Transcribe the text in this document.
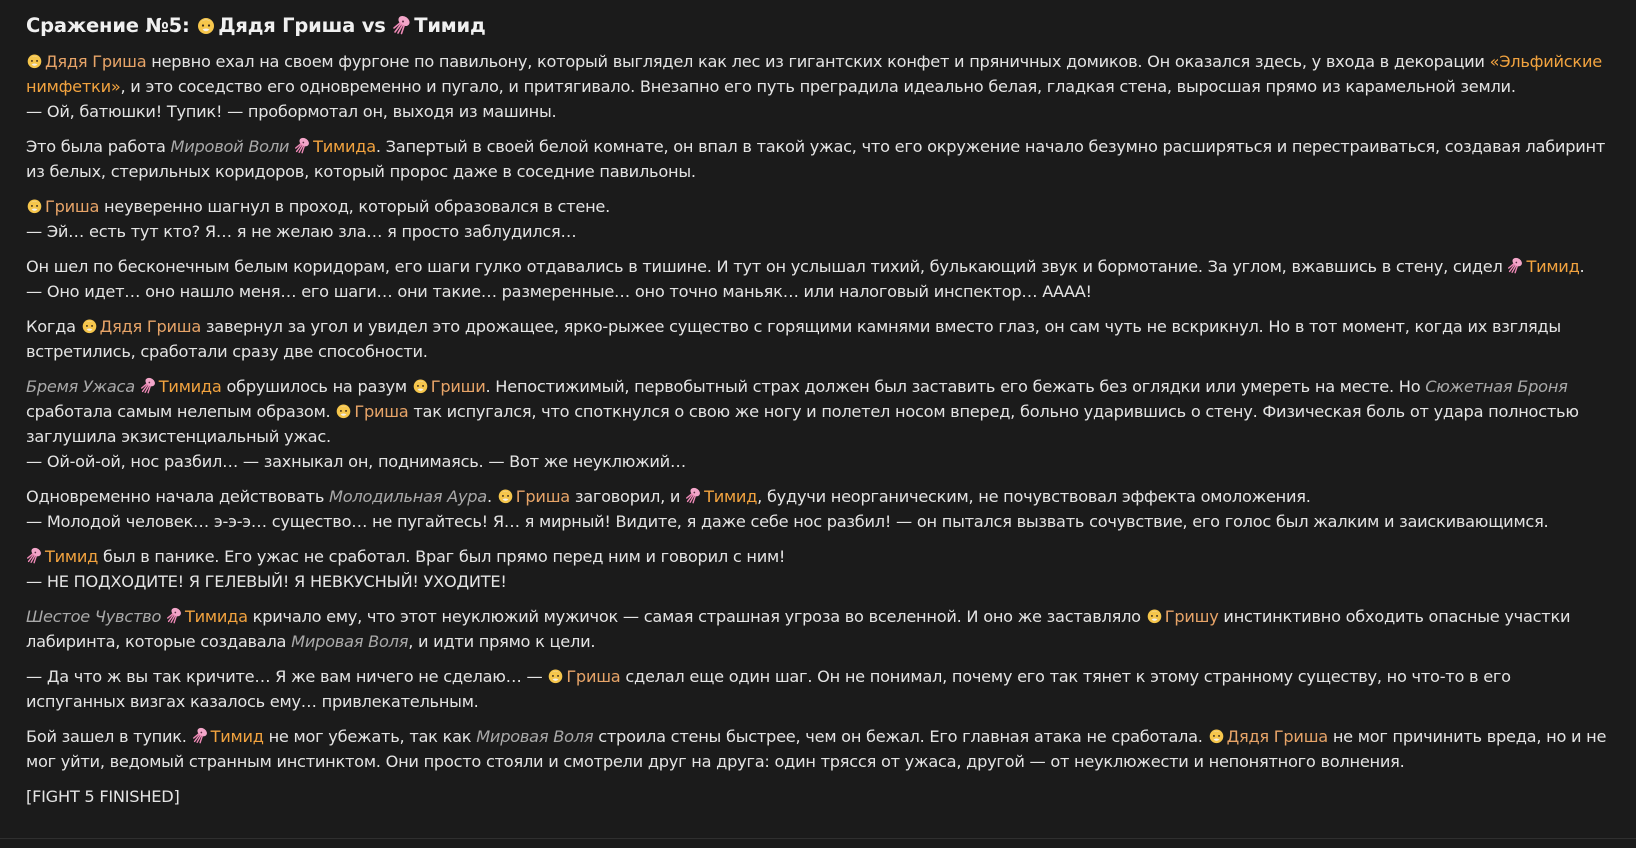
Сражение №5: Дядя Гриша vs Тимид

Дядя Гриша нервно ехал на своем фургоне по павильону, который выглядел как лес из гигантских конфет и пряничных домиков. Он оказался здесь, у входа в декорации «Эльфийские нимфетки», и это соседство его одновременно и пугало, и притягивало. Внезапно его путь преградила идеально белая, гладкая стена, выросшая прямо из карамельной земли.
— Ой, батюшки! Тупик! — пробормотал он, выходя из машины.

Это была работа Мировой Воли Тимида. Запертый в своей белой комнате, он впал в такой ужас, что его окружение начало безумно расширяться и перестраиваться, создавая лабиринт из белых, стерильных коридоров, который пророс даже в соседние павильоны.

Гриша неуверенно шагнул в проход, который образовался в стене.
— Эй… есть тут кто? Я… я не желаю зла… я просто заблудился…

Он шел по бесконечным белым коридорам, его шаги гулко отдавались в тишине. И тут он услышал тихий, булькающий звук и бормотание. За углом, вжавшись в стену, сидел
Тимид.
— Оно идет… оно нашло меня… его шаги… они такие… размеренные… оно точно маньяк… или налоговый инспектор… АААА!

Когда
Дядя Гриша завернул за угол и увидел это дрожащее, ярко-рыжее существо с горящими камнями вместо глаз, он сам чуть не вскрикнул. Но в тот момент, когда их взгляды встретились, сработали сразу две способности.

Бремя Ужаса Тимида обрушилось на разум
Гриши. Непостижимый, первобытный страх должен был заставить его бежать без оглядки или умереть на месте. Но Сюжетная Броня сработала самым нелепым образом.
Гриша так испугался, что споткнулся о свою же ногу и полетел носом вперед, больно ударившись о стену. Физическая боль от удара полностью заглушила экзистенциальный ужас.
— Ой-ой-ой, нос разбил… — захныкал он, поднимаясь. — Вот же неуклюжий…

Одновременно начала действовать Молодильная Аура.
Гриша заговорил, и
Тимид, будучи неорганическим, не почувствовал эффекта омоложения.
— Молодой человек… э-э-э… существо… не пугайтесь! Я… я мирный! Видите, я даже себе нос разбил! — он пытался вызвать сочувствие, его голос был жалким и заискивающимся.

Тимид был в панике. Его ужас не сработал. Враг был прямо перед ним и говорил с ним!
— НЕ ПОДХОДИТЕ! Я ГЕЛЕВЫЙ! Я НЕВКУСНЫЙ! УХОДИТЕ!

Шестое Чувство Тимида кричало ему, что этот неуклюжий мужичок — самая страшная угроза во вселенной. И оно же заставляло
Гришу инстинктивно обходить опасные участки лабиринта, которые создавала Мировая Воля, и идти прямо к цели.

— Да что ж вы так кричите… Я же вам ничего не сделаю… —
Гриша сделал еще один шаг. Он не понимал, почему его так тянет к этому странному существу, но что-то в его испуганных визгах казалось ему… привлекательным.

Бой зашел в тупик.
Тимид не мог убежать, так как Мировая Воля строила стены быстрее, чем он бежал. Его главная атака не сработала.
Дядя Гриша не мог причинить вреда, но и не мог уйти, ведомый странным инстинктом. Они просто стояли и смотрели друг на друга: один трясся от ужаса, другой — от неуклюжести и непонятного волнения.

[FIGHT 5 FINISHED]
